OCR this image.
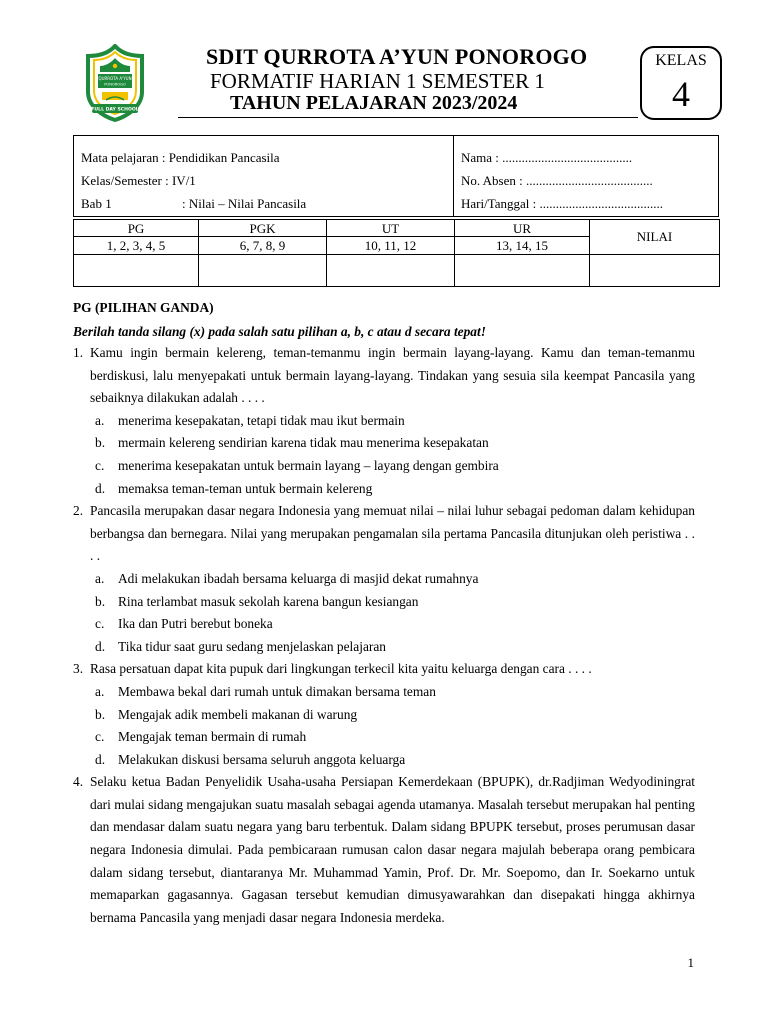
QURROTA A'YUN
PONOROGO
FULL DAY SCHOOL
SDIT QURROTA A’YUN PONOROGO
FORMATIF HARIAN 1 SEMESTER 1
TAHUN PELAJARAN 2023/2024
KELAS
4
Mata pelajaran : Pendidikan Pancasila
Kelas/Semester : IV/1
Bab 1	: Nilai – Nilai Pancasila
Nama : ........................................
No. Absen : .......................................
Hari/Tanggal : ......................................
PG	PGK	UT	UR	NILAI
1, 2, 3, 4, 5	6, 7, 8, 9	10, 11, 12	13, 14, 15	

PG (PILIHAN GANDA)

Berilah tanda silang (x) pada salah satu pilihan a, b, c atau d secara tepat!

1. Kamu ingin bermain kelereng, teman-temanmu ingin bermain layang-layang. Kamu dan teman-temanmu berdiskusi, lalu menyepakati untuk bermain layang-layang. Tindakan yang sesuia sila keempat Pancasila yang sebaiknya dilakukan adalah . . . .

a. menerima kesepakatan, tetapi tidak mau ikut bermain
b. mermain kelereng sendirian karena tidak mau menerima kesepakatan
c. menerima kesepakatan untuk bermain layang – layang dengan gembira
d. memaksa teman-teman untuk bermain kelereng

2. Pancasila merupakan dasar negara Indonesia yang memuat nilai – nilai luhur sebagai pedoman dalam kehidupan berbangsa dan bernegara. Nilai yang merupakan pengamalan sila pertama Pancasila ditunjukan oleh peristiwa . . . .

a. Adi melakukan ibadah bersama keluarga di masjid dekat rumahnya
b. Rina terlambat masuk sekolah karena bangun kesiangan
c. Ika dan Putri berebut boneka
d. Tika tidur saat guru sedang menjelaskan pelajaran

3. Rasa persatuan dapat kita pupuk dari lingkungan terkecil kita yaitu keluarga dengan cara . . . .

a. Membawa bekal dari rumah untuk dimakan bersama teman
b. Mengajak adik membeli makanan di warung
c. Mengajak teman bermain di rumah
d. Melakukan diskusi bersama seluruh anggota keluarga

4. Selaku ketua Badan Penyelidik Usaha-usaha Persiapan Kemerdekaan (BPUPK), dr.Radjiman Wedyodiningrat dari mulai sidang mengajukan suatu masalah sebagai agenda utamanya. Masalah tersebut merupakan hal penting dan mendasar dalam suatu negara yang baru terbentuk. Dalam sidang BPUPK tersebut, proses perumusan dasar negara Indonesia dimulai. Pada pembicaraan rumusan calon dasar negara majulah beberapa orang pembicara dalam sidang tersebut, diantaranya Mr. Muhammad Yamin, Prof. Dr. Mr. Soepomo, dan Ir. Soekarno untuk memaparkan gagasannya. Gagasan tersebut kemudian dimusyawarahkan dan disepakati hingga akhirnya bernama Pancasila yang menjadi dasar negara Indonesia merdeka.

1
